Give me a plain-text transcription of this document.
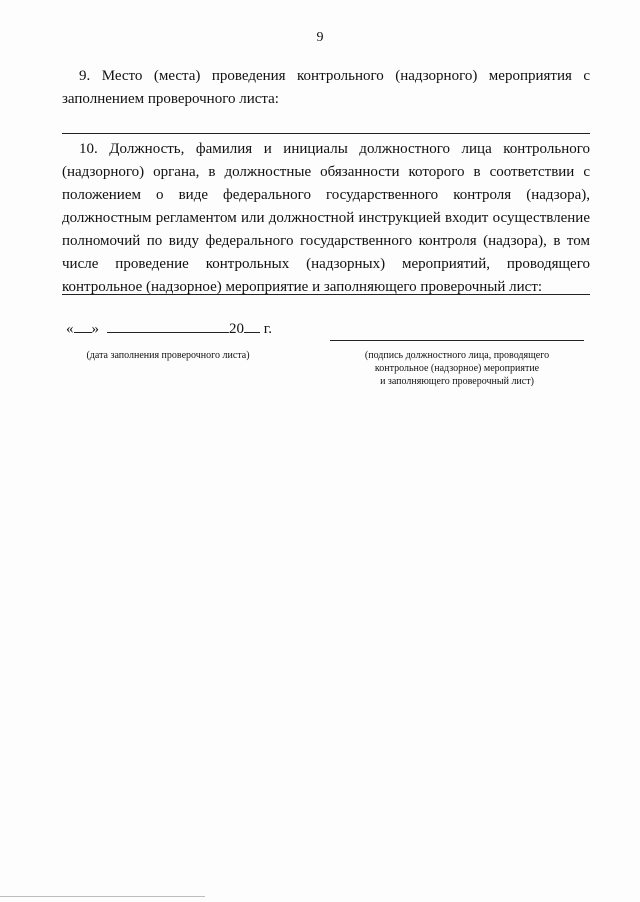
9
9. Место (места) проведения контрольного (надзорного) мероприятия с заполнением проверочного листа:
10. Должность, фамилия и инициалы должностного лица контрольного (надзорного) органа, в должностные обязанности которого в соответствии с положением о виде федерального государственного контроля (надзора), должностным регламентом или должностной инструкцией входит осуществление полномочий по виду федерального государственного контроля (надзора), в том числе проведение контрольных (надзорных) мероприятий, проводящего контрольное (надзорное) мероприятие и заполняющего проверочный лист:
« »	20 г.
(дата заполнения проверочного листа)	(подпись должностного лица, проводящего
контрольное (надзорное) мероприятие
и заполняющего проверочный лист)
